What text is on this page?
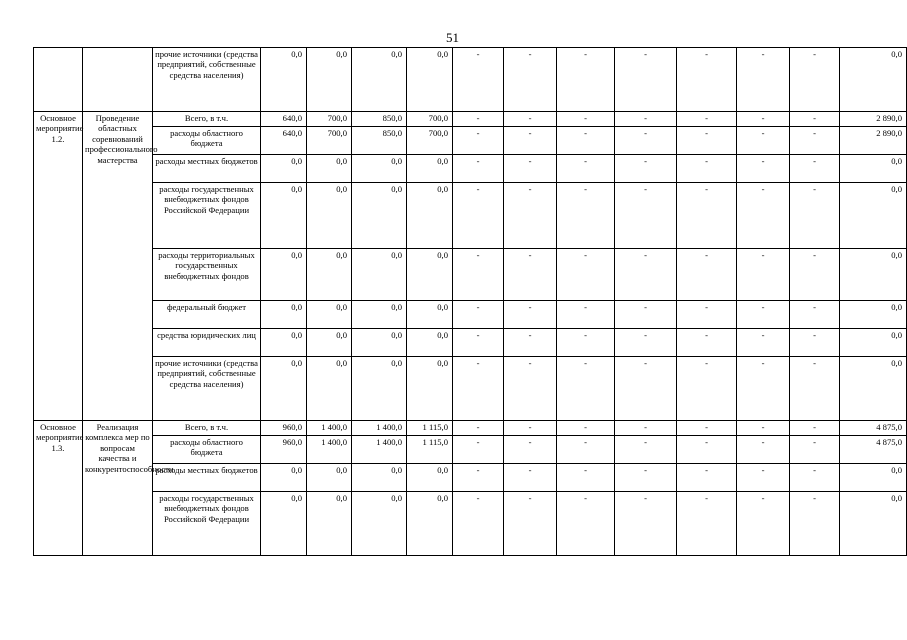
51
		прочие источники (средства предприятий, собственные средства населения)	0,0	0,0	0,0	0,0	-	-	-	-	-	-	-	0,0
Основное мероприятие 1.2.	Проведение областных соревнований профессионального мастерства	Всего, в т.ч.	640,0	700,0	850,0	700,0	-	-	-	-	-	-	-	2 890,0
		расходы областного бюджета	640,0	700,0	850,0	700,0	-	-	-	-	-	-	-	2 890,0
		расходы местных бюджетов	0,0	0,0	0,0	0,0	-	-	-	-	-	-	-	0,0
		расходы государственных внебюджетных фондов Российской Федерации	0,0	0,0	0,0	0,0	-	-	-	-	-	-	-	0,0
		расходы территориальных государственных внебюджетных фондов	0,0	0,0	0,0	0,0	-	-	-	-	-	-	-	0,0
		федеральный бюджет	0,0	0,0	0,0	0,0	-	-	-	-	-	-	-	0,0
		средства юридических лиц	0,0	0,0	0,0	0,0	-	-	-	-	-	-	-	0,0
		прочие источники (средства предприятий, собственные средства населения)	0,0	0,0	0,0	0,0	-	-	-	-	-	-	-	0,0
Основное мероприятие 1.3.	Реализация комплекса мер по вопросам качества и конкурентоспособности	Всего, в т.ч.	960,0	1 400,0	1 400,0	1 115,0	-	-	-	-	-	-	-	4 875,0
		расходы областного бюджета	960,0	1 400,0	1 400,0	1 115,0	-	-	-	-	-	-	-	4 875,0
		расходы местных бюджетов	0,0	0,0	0,0	0,0	-	-	-	-	-	-	-	0,0
		расходы государственных внебюджетных фондов Российской Федерации	0,0	0,0	0,0	0,0	-	-	-	-	-	-	-	0,0
